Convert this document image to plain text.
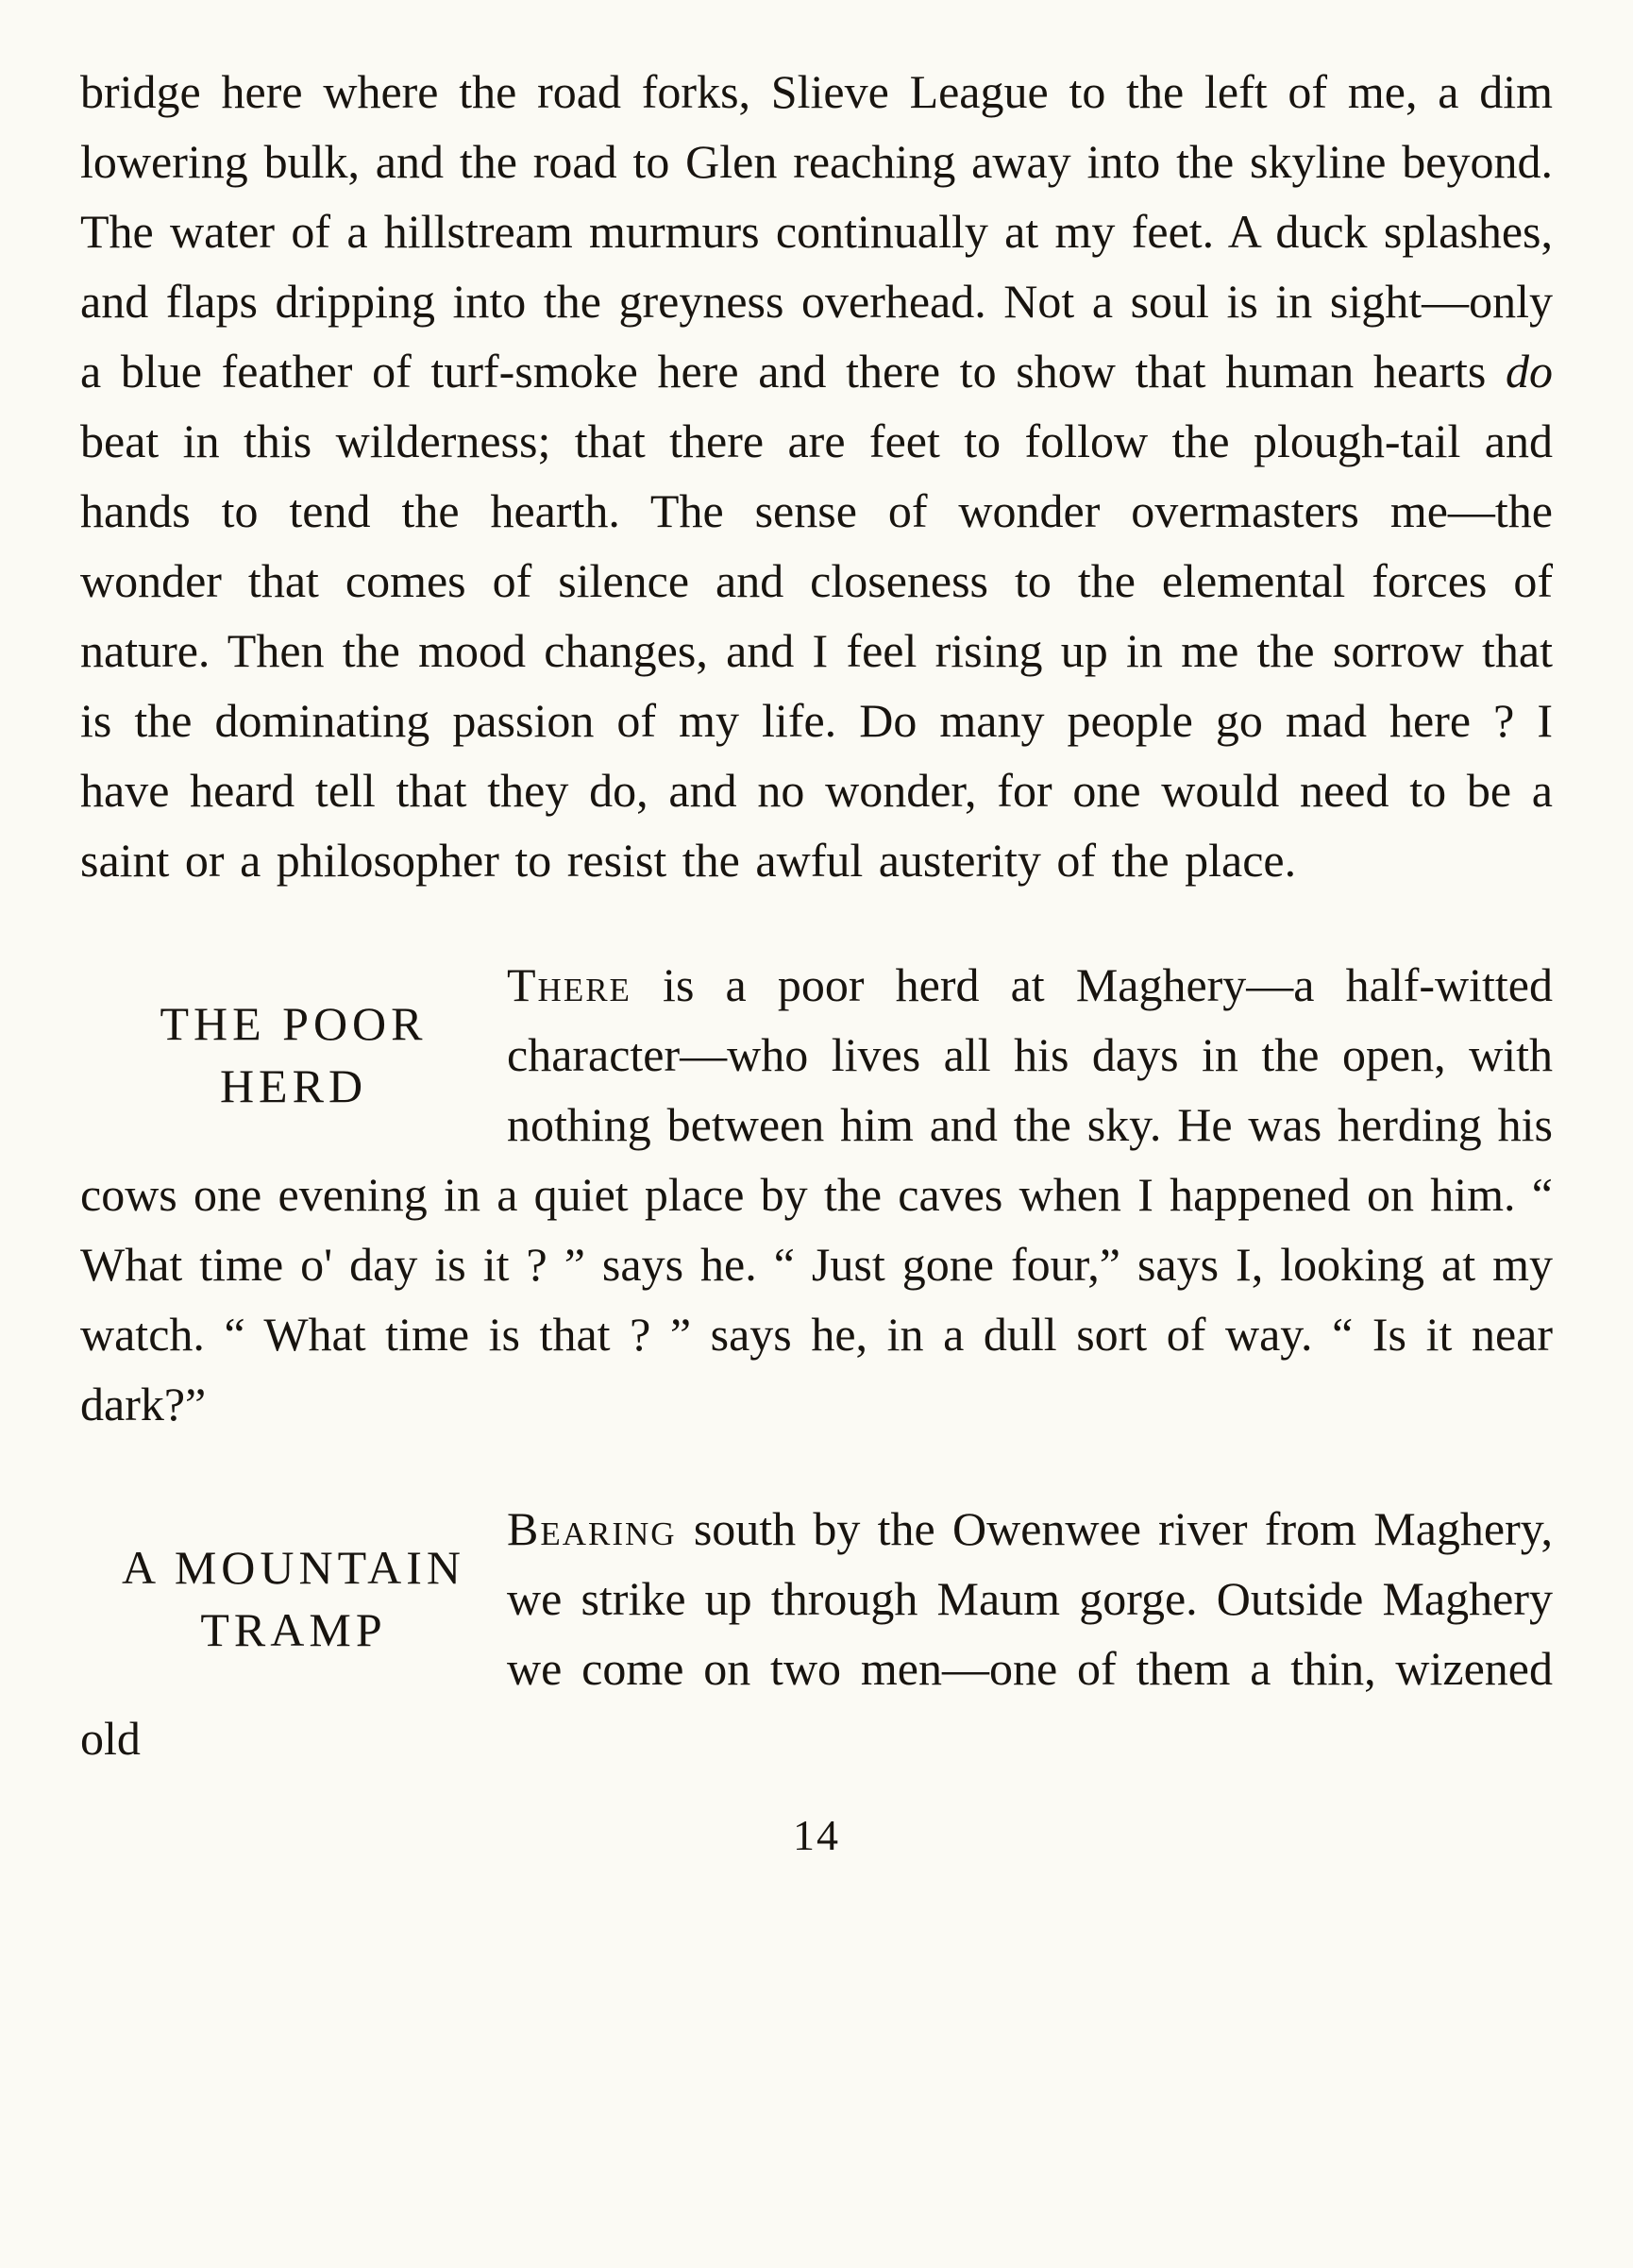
bridge here where the road forks, Slieve League to the left of me, a dim lowering bulk, and the road to Glen reaching away into the skyline beyond. The water of a hillstream murmurs continually at my feet. A duck splashes, and flaps dripping into the greyness overhead. Not a soul is in sight—only a blue feather of turf-smoke here and there to show that human hearts do beat in this wilderness; that there are feet to follow the plough-tail and hands to tend the hearth. The sense of wonder overmasters me—the wonder that comes of silence and closeness to the elemental forces of nature. Then the mood changes, and I feel rising up in me the sorrow that is the dominating passion of my life. Do many people go mad here ? I have heard tell that they do, and no wonder, for one would need to be a saint or a philosopher to resist the awful austerity of the place.

THE POOR
HERD

There is a poor herd at Maghery—a half-witted character—who lives all his days in the open, with nothing between him and the sky. He was herding his cows one evening in a quiet place by the caves when I happened on him. “ What time o' day is it ? ” says he. “ Just gone four,” says I, looking at my watch. “ What time is that ? ” says he, in a dull sort of way. “ Is it near dark?”

A MOUNTAIN
TRAMP

Bearing south by the Owenwee river from Maghery, we strike up through Maum gorge. Outside Maghery we come on two men—one of them a thin, wizened old

14
